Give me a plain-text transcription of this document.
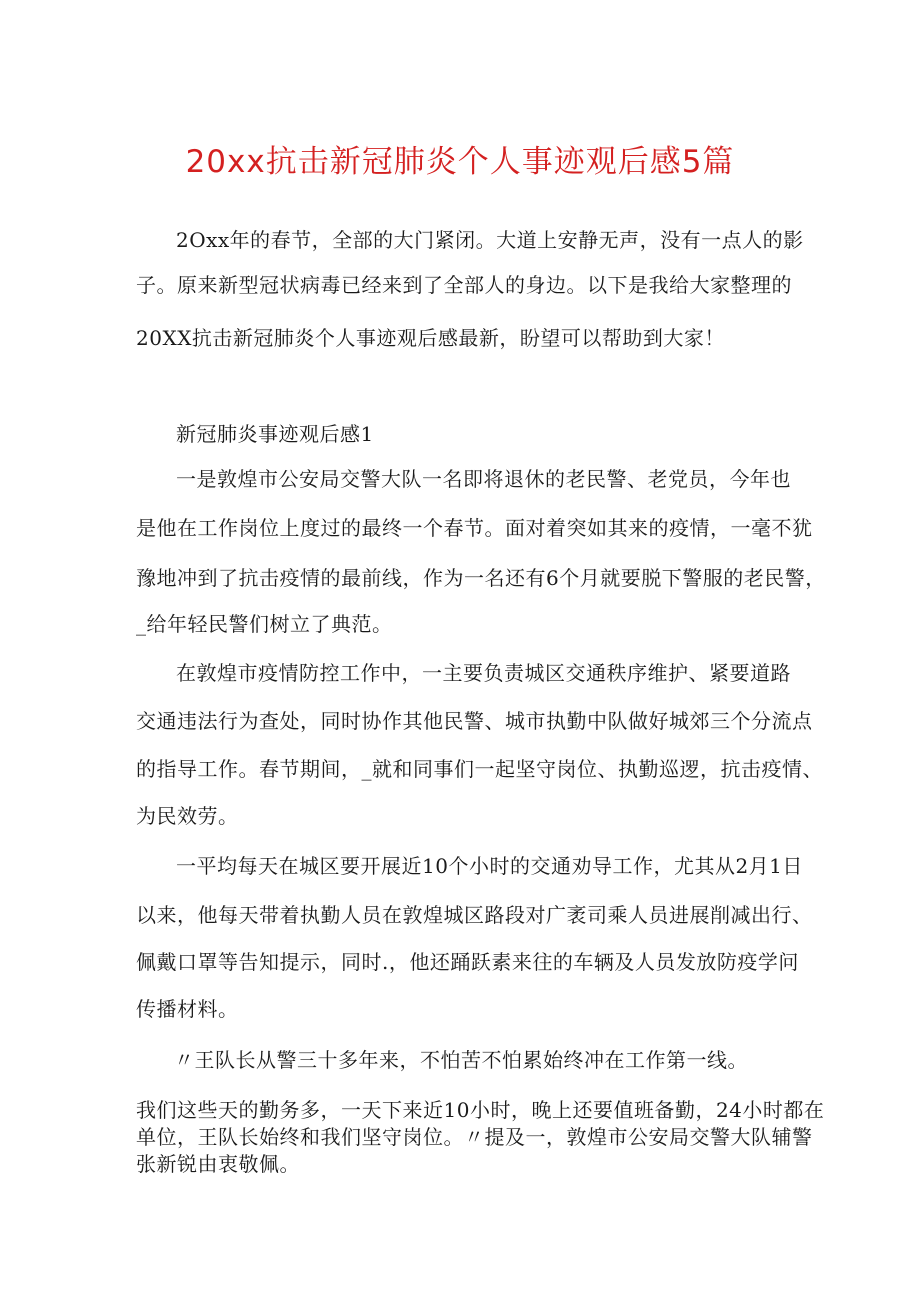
20xx抗击新冠肺炎个人事迹观后感5篇
2Oxx年的春节，全部的大门紧闭。大道上安静无声，没有一点人的影
子。原来新型冠状病毒已经来到了全部人的身边。以下是我给大家整理的
20XX抗击新冠肺炎个人事迹观后感最新，盼望可以帮助到大家！
新冠肺炎事迹观后感1
一是敦煌市公安局交警大队一名即将退休的老民警、老党员，今年也
是他在工作岗位上度过的最终一个春节。面对着突如其来的疫情，一毫不犹
豫地冲到了抗击疫情的最前线，作为一名还有6个月就要脱下警服的老民警，
_给年轻民警们树立了典范。
在敦煌市疫情防控工作中，一主要负责城区交通秩序维护、紧要道路
交通违法行为查处，同时协作其他民警、城市执勤中队做好城郊三个分流点
的指导工作。春节期间，_就和同事们一起坚守岗位、执勤巡逻，抗击疫情、
为民效劳。
一平均每天在城区要开展近10个小时的交通劝导工作，尤其从2月1日
以来，他每天带着执勤人员在敦煌城区路段对广袤司乘人员进展削减出行、
佩戴口罩等告知提示，同时.，他还踊跃素来往的车辆及人员发放防疫学问
传播材料。
〃王队长从警三十多年来，不怕苦不怕累始终冲在工作第一线。
我们这些天的勤务多，一天下来近10小时，晚上还要值班备勤，24小时都在
单位，王队长始终和我们坚守岗位。〃提及一，敦煌市公安局交警大队辅警
张新锐由衷敬佩。
